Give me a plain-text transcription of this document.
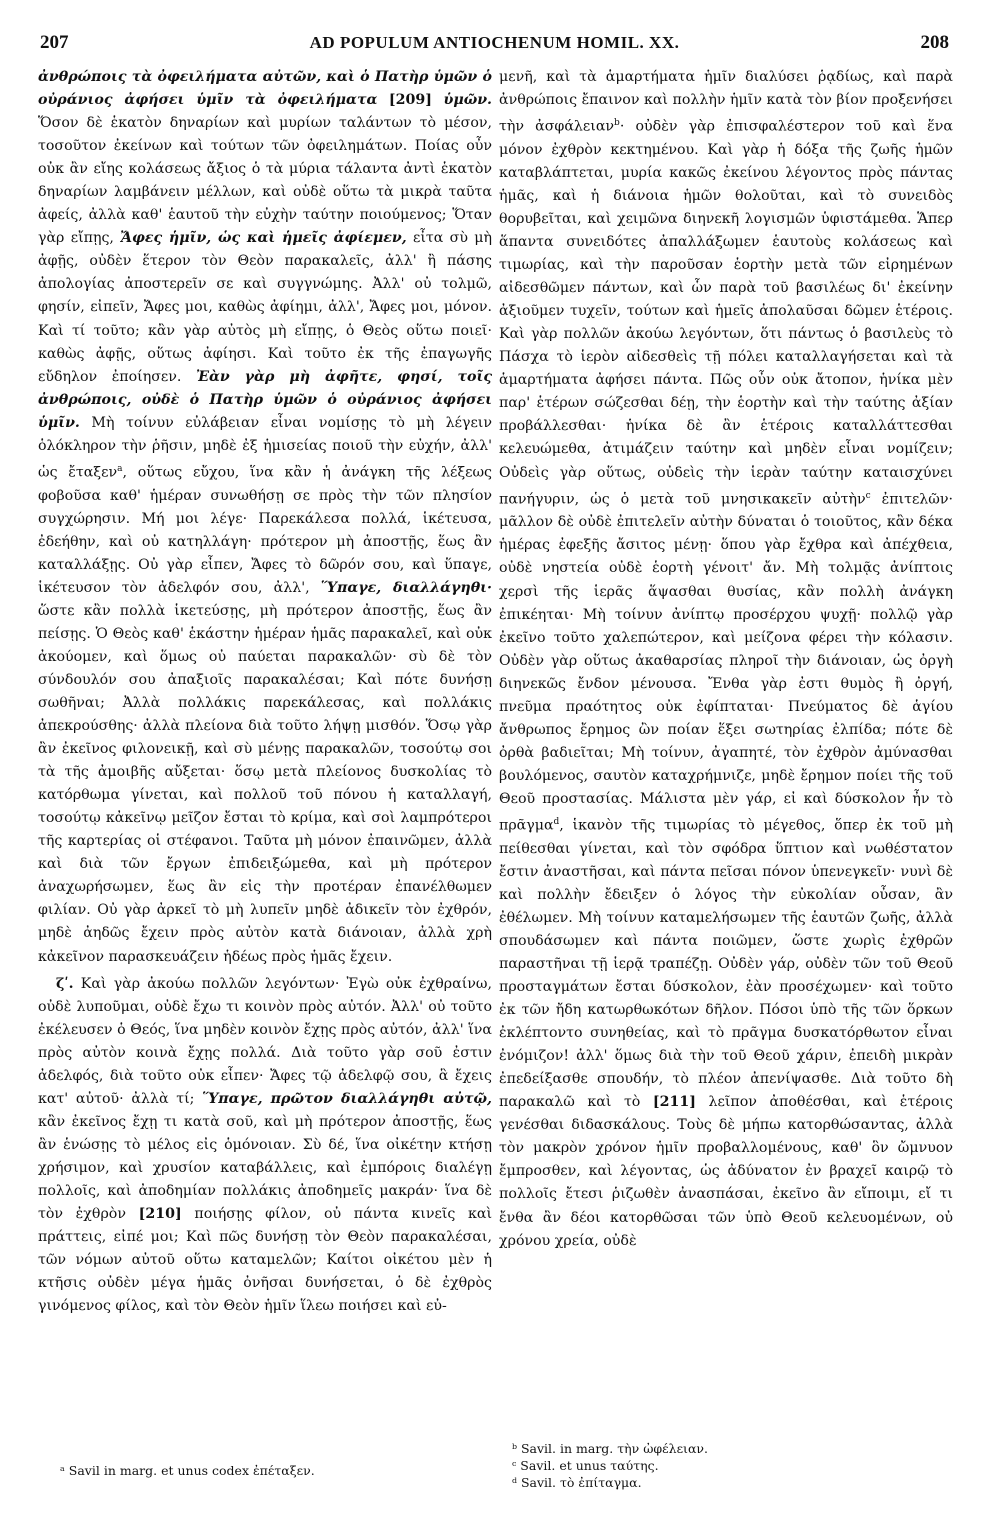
207	AD POPULUM ANTIOCHENUM HOMIL. XX.	208

ἀνθρώποις τὰ ὀφειλήματα αὐτῶν, καὶ ὁ Πατὴρ ὑμῶν ὁ οὐράνιος ἀφήσει ὑμῖν τὰ ὀφειλήματα [209] ὑμῶν. Ὅσον δὲ ἑκατὸν δηναρίων καὶ μυρίων ταλάντων τὸ μέσον, τοσοῦτον ἐκείνων καὶ τούτων τῶν ὀφειλημάτων. Ποίας οὖν οὐκ ἂν εἴης κολάσεως ἄξιος ὁ τὰ μύρια τάλαντα ἀντὶ ἑκατὸν δηναρίων λαμβάνειν μέλλων, καὶ οὐδὲ οὕτω τὰ μικρὰ ταῦτα ἀφείς, ἀλλὰ καθ' ἑαυτοῦ τὴν εὐχὴν ταύτην ποιούμενος; Ὅταν γὰρ εἴπῃς, Ἄφες ἡμῖν, ὡς καὶ ἡμεῖς ἀφίεμεν, εἶτα σὺ μὴ ἀφῇς, οὐδὲν ἕτερον τὸν Θεὸν παρακαλεῖς, ἀλλ' ἢ πάσης ἀπολογίας ἀποστερεῖν σε καὶ συγγνώμης. Ἀλλ' οὐ τολμῶ, φησίν, εἰπεῖν, Ἄφες μοι, καθὼς ἀφίημι, ἀλλ', Ἄφες μοι, μόνον. Καὶ τί τοῦτο; κἂν γὰρ αὐτὸς μὴ εἴπῃς, ὁ Θεὸς οὕτω ποιεῖ· καθὼς ἀφῇς, οὕτως ἀφίησι. Καὶ τοῦτο ἐκ τῆς ἐπαγωγῆς εὔδηλον ἐποίησεν. Ἐὰν γὰρ μὴ ἀφῆτε, φησί, τοῖς ἀνθρώποις, οὐδὲ ὁ Πατὴρ ὑμῶν ὁ οὐράνιος ἀφήσει ὑμῖν. Μὴ τοίνυν εὐλάβειαν εἶναι νομίσῃς τὸ μὴ λέγειν ὁλόκληρον τὴν ῥῆσιν, μηδὲ ἐξ ἡμισείας ποιοῦ τὴν εὐχήν, ἀλλ' ὡς ἔταξεν$^a$, οὕτως εὔχου, ἵνα κἂν ἡ ἀνάγκη τῆς λέξεως φοβοῦσα καθ' ἡμέραν συνωθήσῃ σε πρὸς τὴν τῶν πλησίον συγχώρησιν. Μή μοι λέγε· Παρεκάλεσα πολλά, ἱκέτευσα, ἐδεήθην, καὶ οὐ κατηλλάγη· πρότερον μὴ ἀποστῇς, ἕως ἂν καταλλάξῃς. Οὐ γὰρ εἶπεν, Ἄφες τὸ δῶρόν σου, καὶ ὕπαγε, ἱκέτευσον τὸν ἀδελφόν σου, ἀλλ', Ὕπαγε, διαλλάγηθι· ὥστε κἂν πολλὰ ἱκετεύσῃς, μὴ πρότερον ἀποστῇς, ἕως ἂν πείσῃς. Ὁ Θεὸς καθ' ἑκάστην ἡμέραν ἡμᾶς παρακαλεῖ, καὶ οὐκ ἀκούομεν, καὶ ὅμως οὐ παύεται παρακαλῶν· σὺ δὲ τὸν σύνδουλόν σου ἀπαξιοῖς παρακαλέσαι; Καὶ πότε δυνήσῃ σωθῆναι; Ἀλλὰ πολλάκις παρεκάλεσας, καὶ πολλάκις ἀπεκρούσθης· ἀλλὰ πλείονα διὰ τοῦτο λήψῃ μισθόν. Ὅσῳ γὰρ ἂν ἐκεῖνος φιλονεικῇ, καὶ σὺ μένῃς παρακαλῶν, τοσούτῳ σοι τὰ τῆς ἀμοιβῆς αὔξεται· ὅσῳ μετὰ πλείονος δυσκολίας τὸ κατόρθωμα γίνεται, καὶ πολλοῦ τοῦ πόνου ἡ καταλλαγή, τοσούτῳ κἀκεῖνῳ μεῖζον ἔσται τὸ κρίμα, καὶ σοὶ λαμπρότεροι τῆς καρτερίας οἱ στέφανοι. Ταῦτα μὴ μόνον ἐπαινῶμεν, ἀλλὰ καὶ διὰ τῶν ἔργων ἐπιδειξώμεθα, καὶ μὴ πρότερον ἀναχωρήσωμεν, ἕως ἂν εἰς τὴν προτέραν ἐπανέλθωμεν φιλίαν. Οὐ γὰρ ἀρκεῖ τὸ μὴ λυπεῖν μηδὲ ἀδικεῖν τὸν ἐχθρόν, μηδὲ ἀηδῶς ἔχειν πρὸς αὐτὸν κατὰ διάνοιαν, ἀλλὰ χρὴ κἀκεῖνον παρασκευάζειν ἡδέως πρὸς ἡμᾶς ἔχειν.

ζʹ. Καὶ γὰρ ἀκούω πολλῶν λεγόντων· Ἐγὼ οὐκ ἐχθραίνω, οὐδὲ λυποῦμαι, οὐδὲ ἔχω τι κοινὸν πρὸς αὐτόν. Ἀλλ' οὐ τοῦτο ἐκέλευσεν ὁ Θεός, ἵνα μηδὲν κοινὸν ἔχῃς πρὸς αὐτόν, ἀλλ' ἵνα πρὸς αὐτὸν κοινὰ ἔχῃς πολλά. Διὰ τοῦτο γὰρ σοῦ ἐστιν ἀδελφός, διὰ τοῦτο οὐκ εἶπεν· Ἄφες τῷ ἀδελφῷ σου, ἃ ἔχεις κατ' αὐτοῦ· ἀλλὰ τί; Ὕπαγε, πρῶτον διαλλάγηθι αὐτῷ, κἂν ἐκεῖνος ἔχῃ τι κατὰ σοῦ, καὶ μὴ πρότερον ἀποστῇς, ἕως ἂν ἑνώσῃς τὸ μέλος εἰς ὁμόνοιαν. Σὺ δέ, ἵνα οἰκέτην κτήσῃ χρήσιμον, καὶ χρυσίον καταβάλλεις, καὶ ἐμπόροις διαλέγῃ πολλοῖς, καὶ ἀποδημίαν πολλάκις ἀποδημεῖς μακράν· ἵνα δὲ τὸν ἐχθρὸν [210] ποιήσῃς φίλον, οὐ πάντα κινεῖς καὶ πράττεις, εἰπέ μοι; Καὶ πῶς δυνήσῃ τὸν Θεὸν παρακαλέσαι, τῶν νόμων αὐτοῦ οὕτω καταμελῶν; Καίτοι οἰκέτου μὲν ἡ κτῆσις οὐδὲν μέγα ἡμᾶς ὀνῆσαι δυνήσεται, ὁ δὲ ἐχθρὸς γινόμενος φίλος, καὶ τὸν Θεὸν ἡμῖν ἵλεω ποιήσει καὶ εὐ-

μενῆ, καὶ τὰ ἁμαρτήματα ἡμῖν διαλύσει ῥᾳδίως, καὶ παρὰ ἀνθρώποις ἔπαινον καὶ πολλὴν ἡμῖν κατὰ τὸν βίον προξενήσει τὴν ἀσφάλειαν$^b$· οὐδὲν γὰρ ἐπισφαλέστερον τοῦ καὶ ἕνα μόνον ἐχθρὸν κεκτημένου. Καὶ γὰρ ἡ δόξα τῆς ζωῆς ἡμῶν καταβλάπτεται, μυρία κακῶς ἐκείνου λέγοντος πρὸς πάντας ἡμᾶς, καὶ ἡ διάνοια ἡμῶν θολοῦται, καὶ τὸ συνειδὸς θορυβεῖται, καὶ χειμῶνα διηνεκῆ λογισμῶν ὑφιστάμεθα. Ἅπερ ἅπαντα συνειδότες ἀπαλλάξωμεν ἑαυτοὺς κολάσεως καὶ τιμωρίας, καὶ τὴν παροῦσαν ἑορτὴν μετὰ τῶν εἰρημένων αἰδεσθῶμεν πάντων, καὶ ὧν παρὰ τοῦ βασιλέως δι' ἐκείνην ἀξιοῦμεν τυχεῖν, τούτων καὶ ἡμεῖς ἀπολαῦσαι δῶμεν ἑτέροις. Καὶ γὰρ πολλῶν ἀκούω λεγόντων, ὅτι πάντως ὁ βασιλεὺς τὸ Πάσχα τὸ ἱερὸν αἰδεσθεὶς τῇ πόλει καταλλαγήσεται καὶ τὰ ἁμαρτήματα ἀφήσει πάντα. Πῶς οὖν οὐκ ἄτοπον, ἡνίκα μὲν παρ' ἑτέρων σώζεσθαι δέῃ, τὴν ἑορτὴν καὶ τὴν ταύτης ἀξίαν προβάλλεσθαι· ἡνίκα δὲ ἂν ἑτέροις καταλλάττεσθαι κελευώμεθα, ἀτιμάζειν ταύτην καὶ μηδὲν εἶναι νομίζειν; Οὐδεὶς γὰρ οὕτως, οὐδεὶς τὴν ἱερὰν ταύτην καταισχύνει πανήγυριν, ὡς ὁ μετὰ τοῦ μνησικακεῖν αὐτὴν$^c$ ἐπιτελῶν· μᾶλλον δὲ οὐδὲ ἐπιτελεῖν αὐτὴν δύναται ὁ τοιοῦτος, κἂν δέκα ἡμέρας ἐφεξῆς ἄσιτος μένῃ· ὅπου γὰρ ἔχθρα καὶ ἀπέχθεια, οὐδὲ νηστεία οὐδὲ ἑορτὴ γένοιτ' ἄν. Μὴ τολμᾷς ἀνίπτοις χερσὶ τῆς ἱερᾶς ἅψασθαι θυσίας, κἂν πολλὴ ἀνάγκη ἐπικέηται· Μὴ τοίνυν ἀνίπτῳ προσέρχου ψυχῇ· πολλῷ γὰρ ἐκεῖνο τοῦτο χαλεπώτερον, καὶ μείζονα φέρει τὴν κόλασιν. Οὐδὲν γὰρ οὕτως ἀκαθαρσίας πληροῖ τὴν διάνοιαν, ὡς ὀργὴ διηνεκῶς ἔνδον μένουσα. Ἔνθα γὰρ ἐστι θυμὸς ἢ ὀργή, πνεῦμα πραότητος οὐκ ἐφίπταται· Πνεύματος δὲ ἁγίου ἄνθρωπος ἔρημος ὢν ποίαν ἕξει σωτηρίας ἐλπίδα; πότε δὲ ὀρθὰ βαδιεῖται; Μὴ τοίνυν, ἀγαπητέ, τὸν ἐχθρὸν ἀμύνασθαι βουλόμενος, σαυτὸν καταχρήμνιζε, μηδὲ ἔρημον ποίει τῆς τοῦ Θεοῦ προστασίας. Μάλιστα μὲν γάρ, εἰ καὶ δύσκολον ἦν τὸ πρᾶγμα$^d$, ἱκανὸν τῆς τιμωρίας τὸ μέγεθος, ὅπερ ἐκ τοῦ μὴ πείθεσθαι γίνεται, καὶ τὸν σφόδρα ὕπτιον καὶ νωθέστατον ἔστιν ἀναστῆσαι, καὶ πάντα πεῖσαι πόνον ὑπενεγκεῖν· νυνὶ δὲ καὶ πολλὴν ἔδειξεν ὁ λόγος τὴν εὐκολίαν οὖσαν, ἂν ἐθέλωμεν. Μὴ τοίνυν καταμελήσωμεν τῆς ἑαυτῶν ζωῆς, ἀλλὰ σπουδάσωμεν καὶ πάντα ποιῶμεν, ὥστε χωρὶς ἐχθρῶν παραστῆναι τῇ ἱερᾷ τραπέζῃ. Οὐδὲν γάρ, οὐδὲν τῶν τοῦ Θεοῦ προσταγμάτων ἔσται δύσκολον, ἐὰν προσέχωμεν· καὶ τοῦτο ἐκ τῶν ἤδη κατωρθωκότων δῆλον. Πόσοι ὑπὸ τῆς τῶν ὅρκων ἐκλέπτοντο συνηθείας, καὶ τὸ πρᾶγμα δυσκατόρθωτον εἶναι ἐνόμιζον! ἀλλ' ὅμως διὰ τὴν τοῦ Θεοῦ χάριν, ἐπειδὴ μικρὰν ἐπεδείξασθε σπουδήν, τὸ πλέον ἀπενίψασθε. Διὰ τοῦτο δὴ παρακαλῶ καὶ τὸ [211] λεῖπον ἀποθέσθαι, καὶ ἑτέροις γενέσθαι διδασκάλους. Τοὺς δὲ μήπω κατορθώσαντας, ἀλλὰ τὸν μακρὸν χρόνον ἡμῖν προβαλλομένους, καθ' ὃν ὤμνυον ἔμπροσθεν, καὶ λέγοντας, ὡς ἀδύνατον ἐν βραχεῖ καιρῷ τὸ πολλοῖς ἔτεσι ῥιζωθὲν ἀνασπάσαι, ἐκεῖνο ἂν εἴποιμι, εἴ τι ἔνθα ἂν δέοι κατορθῶσαι τῶν ὑπὸ Θεοῦ κελευομένων, οὐ χρόνου χρεία, οὐδὲ

ᵇ Savil. in marg. τὴν ὠφέλειαν.
ᶜ Savil. et unus ταύτης.
ᵈ Savil. τὸ ἐπίταγμα.
ᵃ Savil in marg. et unus codex ἐπέταξεν.
